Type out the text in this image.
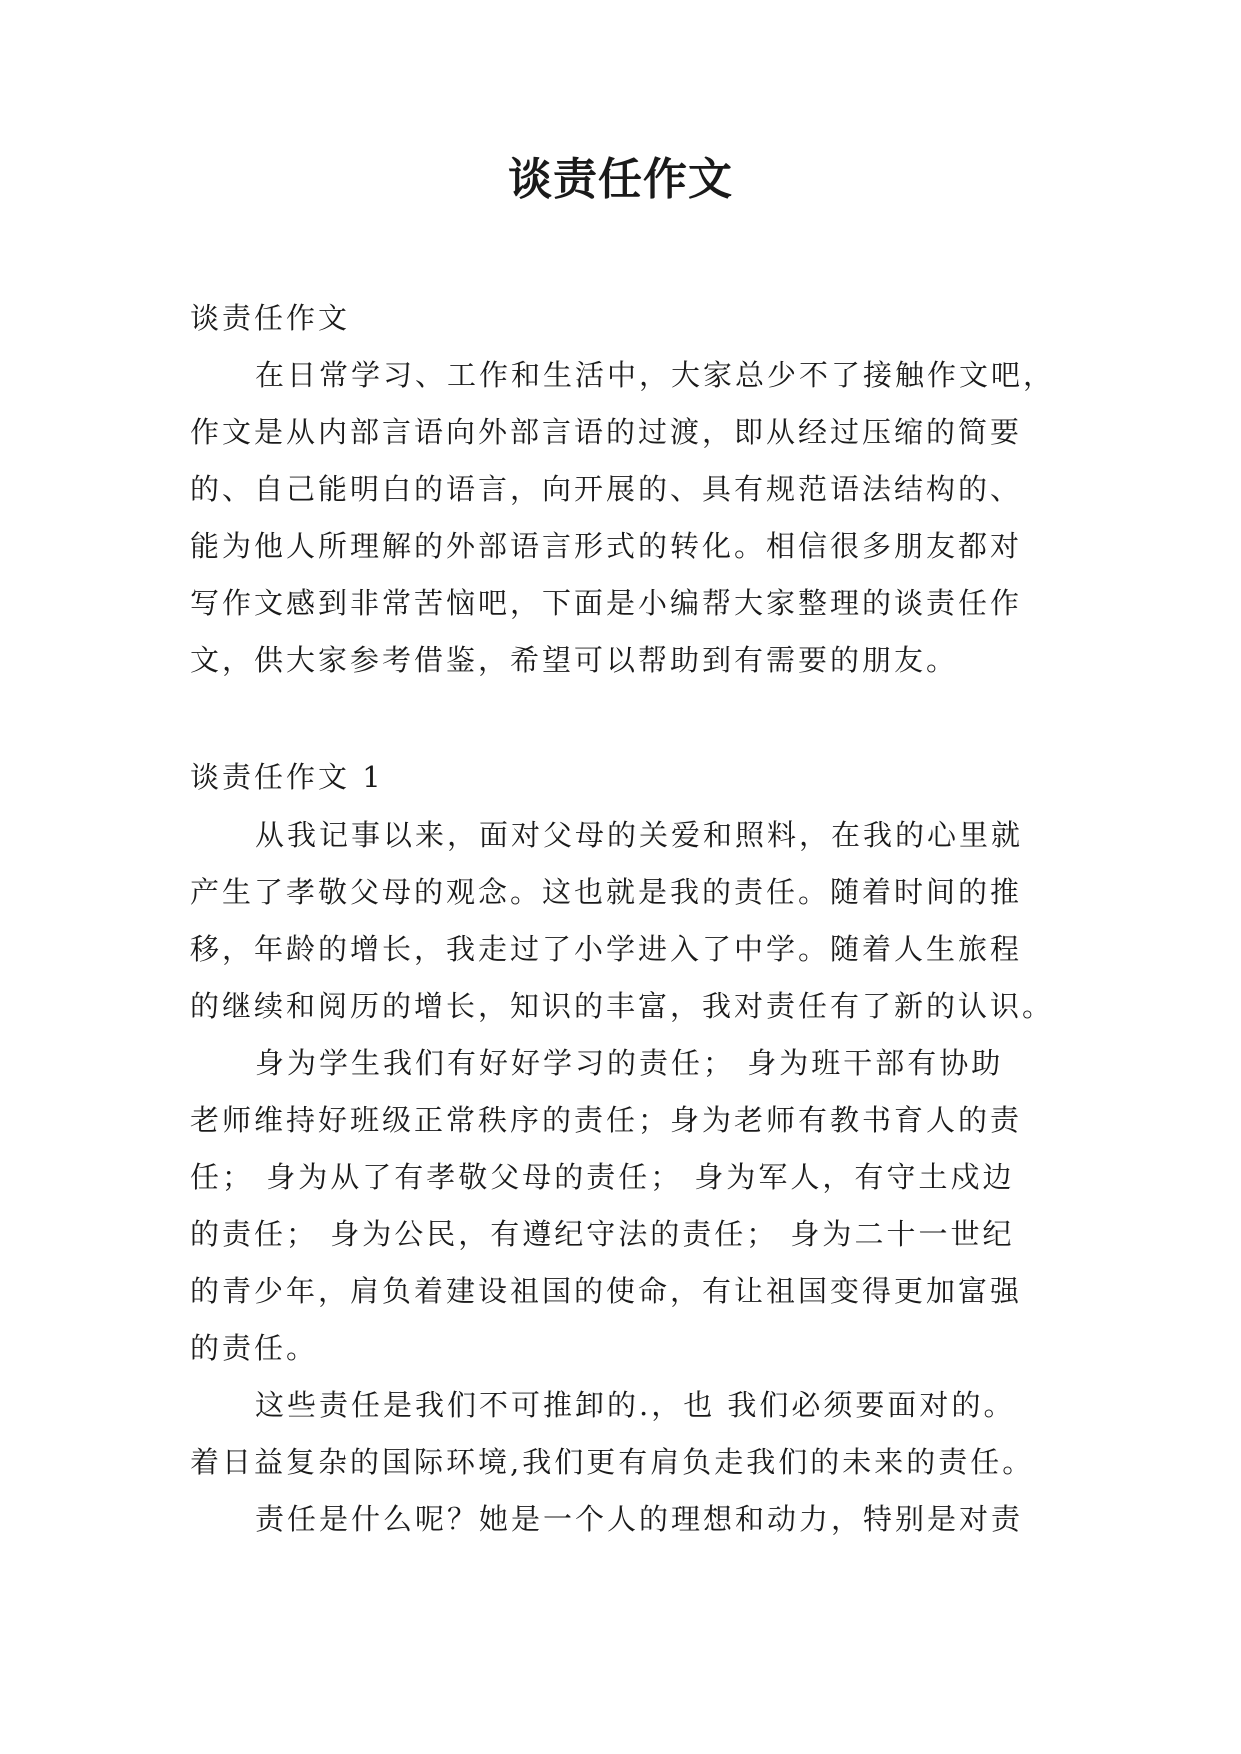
谈责任作文

谈责任作文

在日常学习、工作和生活中，大家总少不了接触作文吧，

作文是从内部言语向外部言语的过渡，即从经过压缩的简要

的、自己能明白的语言，向开展的、具有规范语法结构的、

能为他人所理解的外部语言形式的转化。相信很多朋友都对

写作文感到非常苦恼吧，下面是小编帮大家整理的谈责任作

文，供大家参考借鉴，希望可以帮助到有需要的朋友。

谈责任作文 1

从我记事以来，面对父母的关爱和照料，在我的心里就

产生了孝敬父母的观念。这也就是我的责任。随着时间的推

移，年龄的增长，我走过了小学进入了中学。随着人生旅程

的继续和阅历的增长，知识的丰富，我对责任有了新的认识。

身为学生我们有好好学习的责任； 身为班干部有协助

老师维持好班级正常秩序的责任；身为老师有教书育人的责

任； 身为从了有孝敬父母的责任； 身为军人，有守土戍边

的责任； 身为公民，有遵纪守法的责任； 身为二十一世纪

的青少年，肩负着建设祖国的使命，有让祖国变得更加富强

的责任。

这些责任是我们不可推卸的.，也 我们必须要面对的。

着日益复杂的国际环境,我们更有肩负走我们的未来的责任。

责任是什么呢？她是一个人的理想和动力，特别是对责
